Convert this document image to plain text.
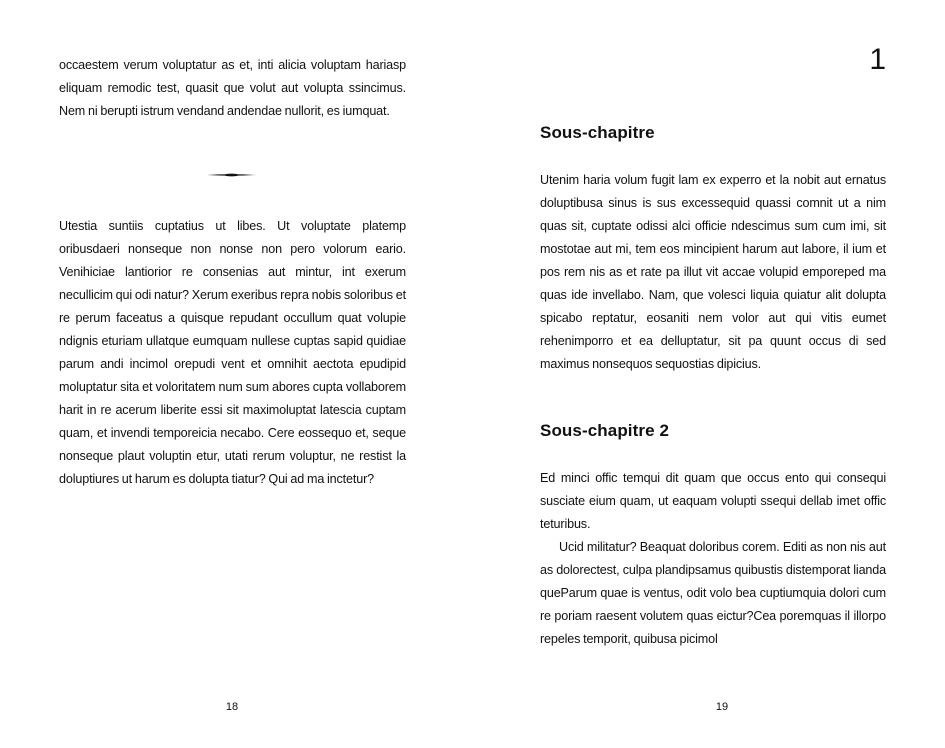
occaestem verum voluptatur as et, inti alicia voluptam hariasp eliquam remodic test, quasit que volut aut volupta ssincimus. Nem ni berupti istrum vendand andendae nullorit, es iumquat.

Utestia suntiis cuptatius ut libes. Ut voluptate platemp oribusdaeri nonseque non nonse non pero volorum eario. Venihiciae lantiorior re consenias aut mintur, int exerum necullicim qui odi natur? Xerum exeribus repra nobis soloribus et re perum faceatus a quisque repudant occullum quat volupie ndignis eturiam ullatque eumquam nullese cuptas sapid quidiae parum andi incimol orepudi vent et omnihit aectota epudipid moluptatur sita et voloritatem num sum abores cupta vollaborem harit in re acerum liberite essi sit maximoluptat latescia cuptam quam, et invendi temporeicia necabo. Cere eossequo et, seque nonseque plaut voluptin etur, utati rerum voluptur, ne restist la doluptiures ut harum es dolupta tiatur? Qui ad ma inctetur?

18
1
Sous-chapitre

Utenim haria volum fugit lam ex experro et la nobit aut ernatus doluptibusa sinus is sus excessequid quassi comnit ut a nim quas sit, cuptate odissi alci officie ndescimus sum cum imi, sit mostotae aut mi, tem eos mincipient harum aut labore, il ium et pos rem nis as et rate pa illut vit accae volupid emporeped ma quas ide invellabo. Nam, que volesci liquia quiatur alit dolupta spicabo reptatur, eosaniti nem volor aut qui vitis eumet rehenimporro et ea delluptatur, sit pa quunt occus di sed maximus nonsequos sequostias dipicius.

Sous-chapitre 2

Ed minci offic temqui dit quam que occus ento qui consequi susciate eium quam, ut eaquam volupti ssequi dellab imet offic teturibus.

Ucid militatur? Beaquat doloribus corem. Editi as non nis aut as dolorectest, culpa plandipsamus quibustis distemporat lianda queParum quae is ventus, odit volo bea cuptiumquia dolori cum re poriam raesent volutem quas eictur?Cea poremquas il illorpo repeles temporit, quibusa picimol

19
